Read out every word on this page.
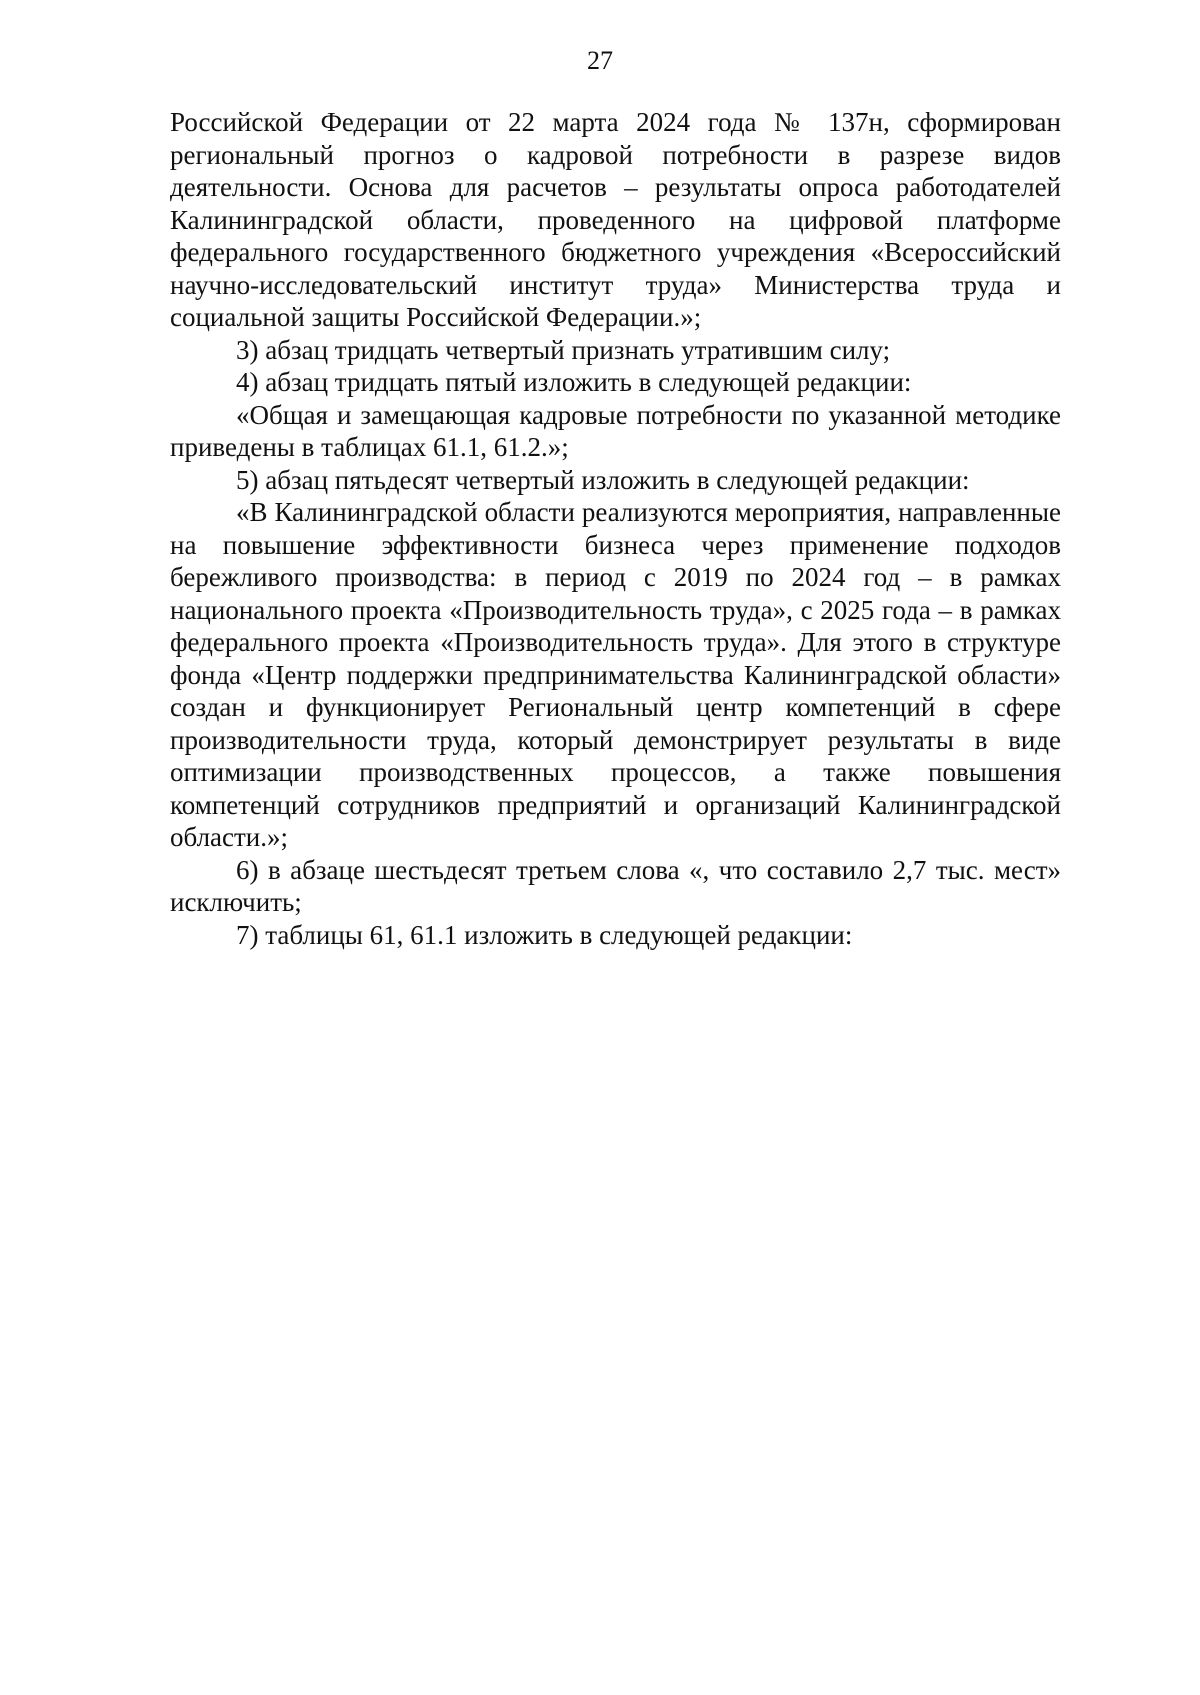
27

Российской Федерации от 22 марта 2024 года № 137н, сформирован региональный прогноз о кадровой потребности в разрезе видов деятельности. Основа для расчетов – результаты опроса работодателей Калининградской области, проведенного на цифровой платформе федерального государственного бюджетного учреждения «Всероссийский научно-исследовательский институт труда» Министерства труда и социальной защиты Российской Федерации.»;

3) абзац тридцать четвертый признать утратившим силу;

4) абзац тридцать пятый изложить в следующей редакции:

«Общая и замещающая кадровые потребности по указанной методике приведены в таблицах 61.1, 61.2.»;

5) абзац пятьдесят четвертый изложить в следующей редакции:

«В Калининградской области реализуются мероприятия, направленные на повышение эффективности бизнеса через применение подходов бережливого производства: в период с 2019 по 2024 год – в рамках национального проекта «Производительность труда», с 2025 года – в рамках федерального проекта «Производительность труда». Для этого в структуре фонда «Центр поддержки предпринимательства Калининградской области» создан и функционирует Региональный центр компетенций в сфере производительности труда, который демонстрирует результаты в виде оптимизации производственных процессов, а также повышения компетенций сотрудников предприятий и организаций Калининградской области.»;

6) в абзаце шестьдесят третьем слова «, что составило 2,7 тыс. мест» исключить;

7) таблицы 61, 61.1 изложить в следующей редакции:
